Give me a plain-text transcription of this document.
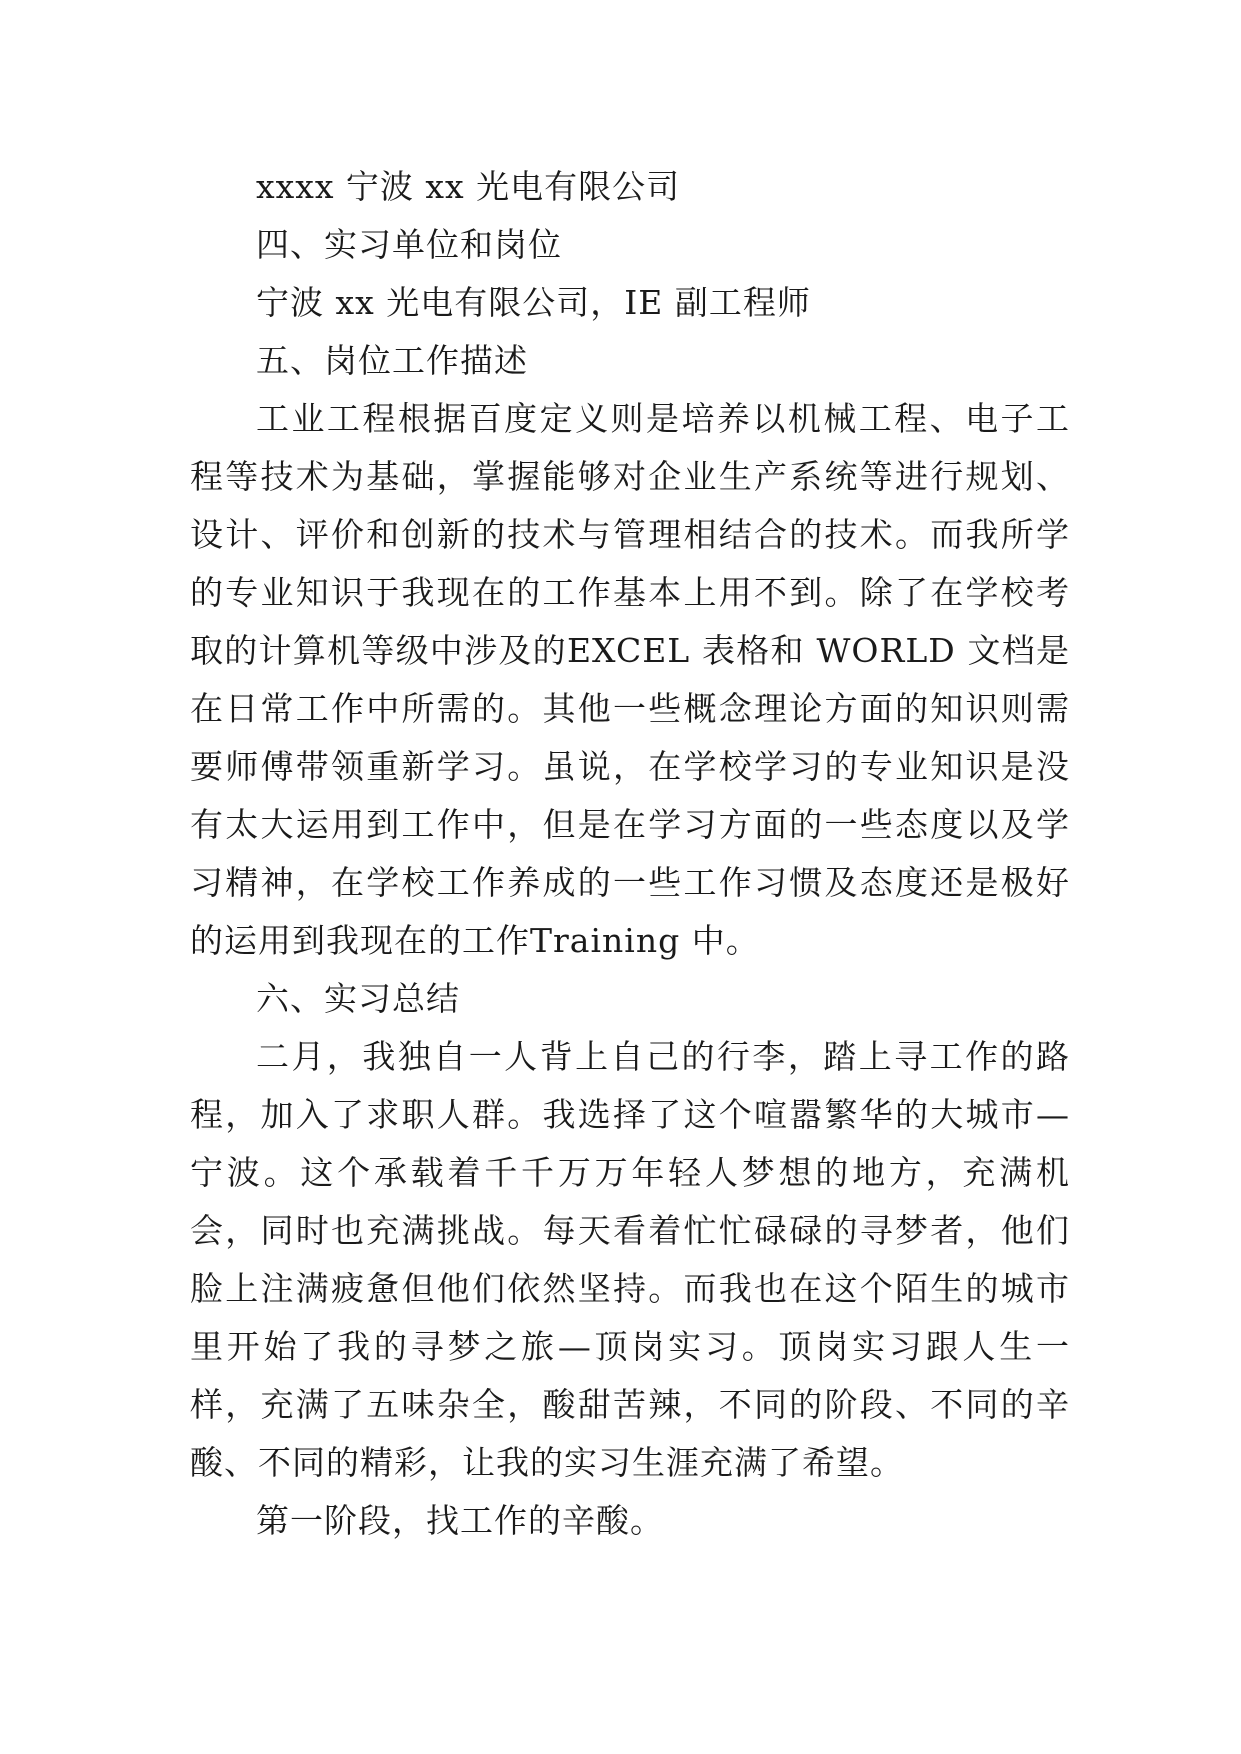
xxxx 宁波 xx 光电有限公司

四、实习单位和岗位

宁波 xx 光电有限公司，IE 副工程师

五、岗位工作描述

工业工程根据百度定义则是培养以机械工程、电子工程等技术为基础，掌握能够对企业生产系统等进行规划、设计、评价和创新的技术与管理相结合的技术。而我所学的专业知识于我现在的工作基本上用不到。除了在学校考取的计算机等级中涉及的EXCEL 表格和 WORLD 文档是在日常工作中所需的。其他一些概念理论方面的知识则需要师傅带领重新学习。虽说，在学校学习的专业知识是没有太大运用到工作中，但是在学习方面的一些态度以及学习精神，在学校工作养成的一些工作习惯及态度还是极好的运用到我现在的工作Training 中。

六、实习总结

二月，我独自一人背上自己的行李，踏上寻工作的路程，加入了求职人群。我选择了这个喧嚣繁华的大城市—宁波。这个承载着千千万万年轻人梦想的地方，充满机会，同时也充满挑战。每天看着忙忙碌碌的寻梦者，他们脸上注满疲惫但他们依然坚持。而我也在这个陌生的城市里开始了我的寻梦之旅—顶岗实习。顶岗实习跟人生一样，充满了五味杂全，酸甜苦辣，不同的阶段、不同的辛酸、不同的精彩，让我的实习生涯充满了希望。

第一阶段，找工作的辛酸。
